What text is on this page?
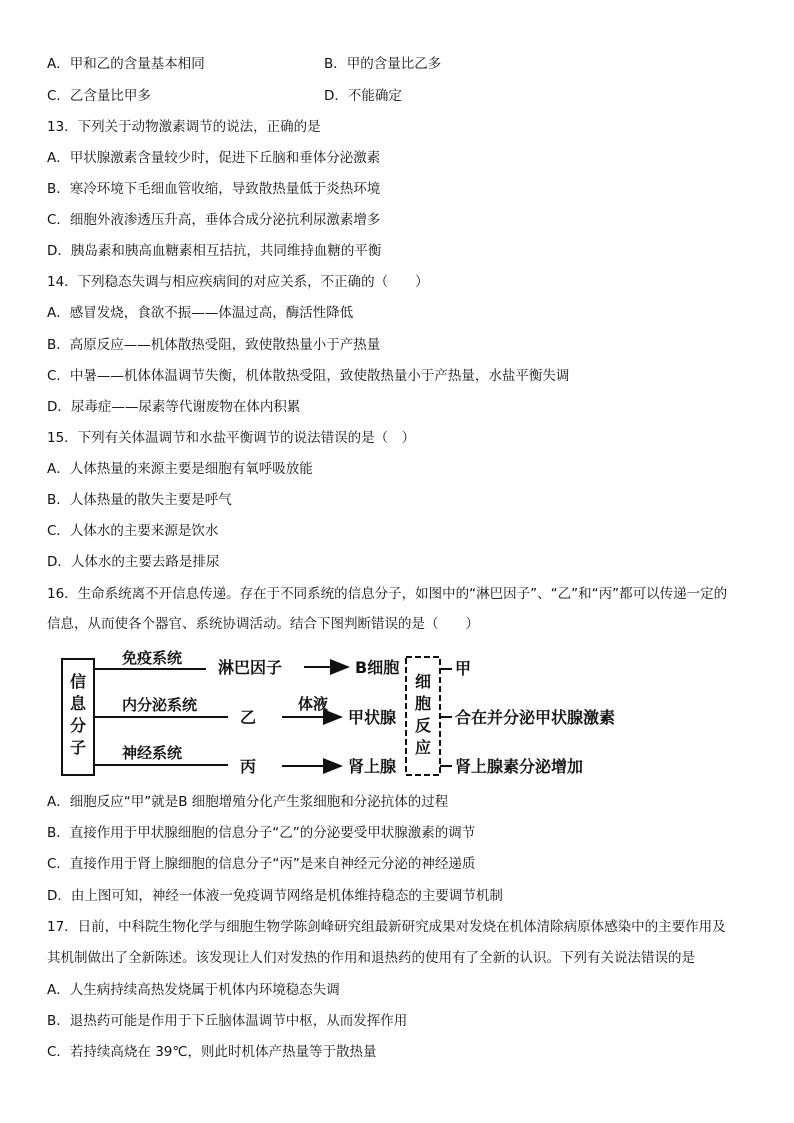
A．甲和乙的含量基本相同	B．甲的含量比乙多
C．乙含量比甲多	D．不能确定
13．下列关于动物激素调节的说法，正确的是
A．甲状腺激素含量较少时，促进下丘脑和垂体分泌激素
B．寒冷环境下毛细血管收缩，导致散热量低于炎热环境
C．细胞外液渗透压升高，垂体合成分泌抗利尿激素增多
D．胰岛素和胰高血糖素相互拮抗，共同维持血糖的平衡
14．下列稳态失调与相应疾病间的对应关系，不正确的（　　）
A．感冒发烧，食欲不振——体温过高，酶活性降低
B．高原反应——机体散热受阻，致使散热量小于产热量
C．中暑——机体体温调节失衡，机体散热受阻，致使散热量小于产热量，水盐平衡失调
D．尿毒症——尿素等代谢废物在体内积累
15．下列有关体温调节和水盐平衡调节的说法错误的是（　）
A．人体热量的来源主要是细胞有氧呼吸放能
B．人体热量的散失主要是呼气
C．人体水的主要来源是饮水
D．人体水的主要去路是排尿
16．生命系统离不开信息传递。存在于不同系统的信息分子，如图中的“淋巴因子”、“乙”和“丙”都可以传递一定的
信息，从而使各个器官、系统协调活动。结合下图判断错误的是（　　）
信
息
分
子
免疫系统
内分泌系统
神经系统
淋巴因子
乙
丙
体液
B细胞
甲状腺
肾上腺
细
胞
反
应
甲
合在并分泌甲状腺激素
肾上腺素分泌增加
A．细胞反应“甲”就是B 细胞增殖分化产生浆细胞和分泌抗体的过程
B．直接作用于甲状腺细胞的信息分子“乙”的分泌要受甲状腺激素的调节
C．直接作用于肾上腺细胞的信息分子“丙”是来自神经元分泌的神经递质
D．由上图可知，神经一体液一免疫调节网络是机体维持稳态的主要调节机制
17．日前，中科院生物化学与细胞生物学陈剑峰研究组最新研究成果对发烧在机体清除病原体感染中的主要作用及
其机制做出了全新陈述。该发现让人们对发热的作用和退热药的使用有了全新的认识。下列有关说法错误的是
A．人生病持续高热发烧属于机体内环境稳态失调
B．退热药可能是作用于下丘脑体温调节中枢，从而发挥作用
C．若持续高烧在 39℃，则此时机体产热量等于散热量
